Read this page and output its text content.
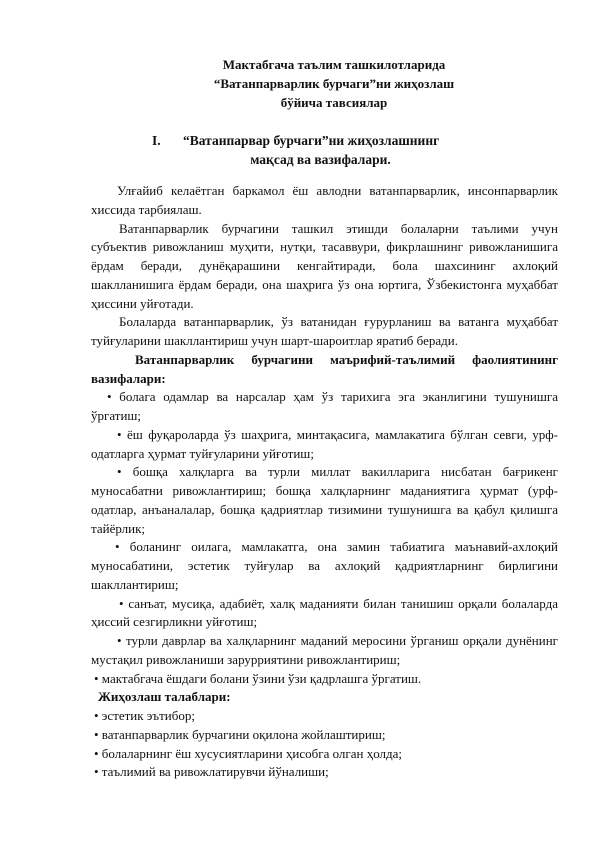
Мактабгача таълим ташкилотларида
“Ватанпарварлик бурчаги”ни жиҳозлаш
бўйича тавсиялар
I. “Ватанпарвар бурчаги”ни жиҳозлашнинг
мақсад ва вазифалари.

Улғайиб келаётган баркамол ёш авлодни ватанпарварлик, инсонпарварлик хиссида тарбиялаш.

Ватанпарварлик бурчагини ташкил этишди болаларни таълими учун субъектив ривожланиш муҳити, нутқи, тасаввури, фикрлашнинг ривожланишига ёрдам беради, дунёқарашини кенгайтиради, бола шахсининг ахлоқий шаклланишига ёрдам беради, она шаҳрига ўз она юртига, Ўзбекистонга муҳаббат ҳиссини уйғотади.

Болаларда ватанпарварлик, ўз ватанидан ғурурланиш ва ватанга муҳаббат туйғуларини шакллантириш учун шарт-шароитлар яратиб беради.

Ватанпарварлик бурчагини маърифий-таълимий фаолиятининг вазифалари:

• болага одамлар ва нарсалар ҳам ўз тарихига эга эканлигини тушунишга ўргатиш;

• ёш фуқароларда ўз шаҳрига, минтақасига, мамлакатига бўлган севги, урф-одатларга ҳурмат туйғуларини уйғотиш;

• бошқа халқларга ва турли миллат вакилларига нисбатан бағрикенг муносабатни ривожлантириш; бошқа халқларнинг маданиятига ҳурмат (урф-одатлар, анъаналалар, бошқа қадриятлар тизимини тушунишга ва қабул қилишга тайёрлик;

• боланинг оилага, мамлакатга, она замин табиатига маънавий-ахлоқий муносабатини, эстетик туйғулар ва ахлоқий қадриятларнинг бирлигини шакллантириш;

• санъат, мусиқа, адабиёт, халқ маданияти билан танишиш орқали болаларда ҳиссий сезгирликни уйғотиш;

• турли даврлар ва халқларнинг маданий меросини ўрганиш орқали дунёнинг мустақил ривожланиши зарурриятини ривожлантириш;

• мактабгача ёшдаги болани ўзини ўзи қадрлашга ўргатиш.

Жиҳозлаш талаблари:

• эстетик эътибор;

• ватанпарварлик бурчагини оқилона жойлаштириш;

• болаларнинг ёш хусусиятларини ҳисобга олган ҳолда;

• таълимий ва ривожлатирувчи йўналиши;
